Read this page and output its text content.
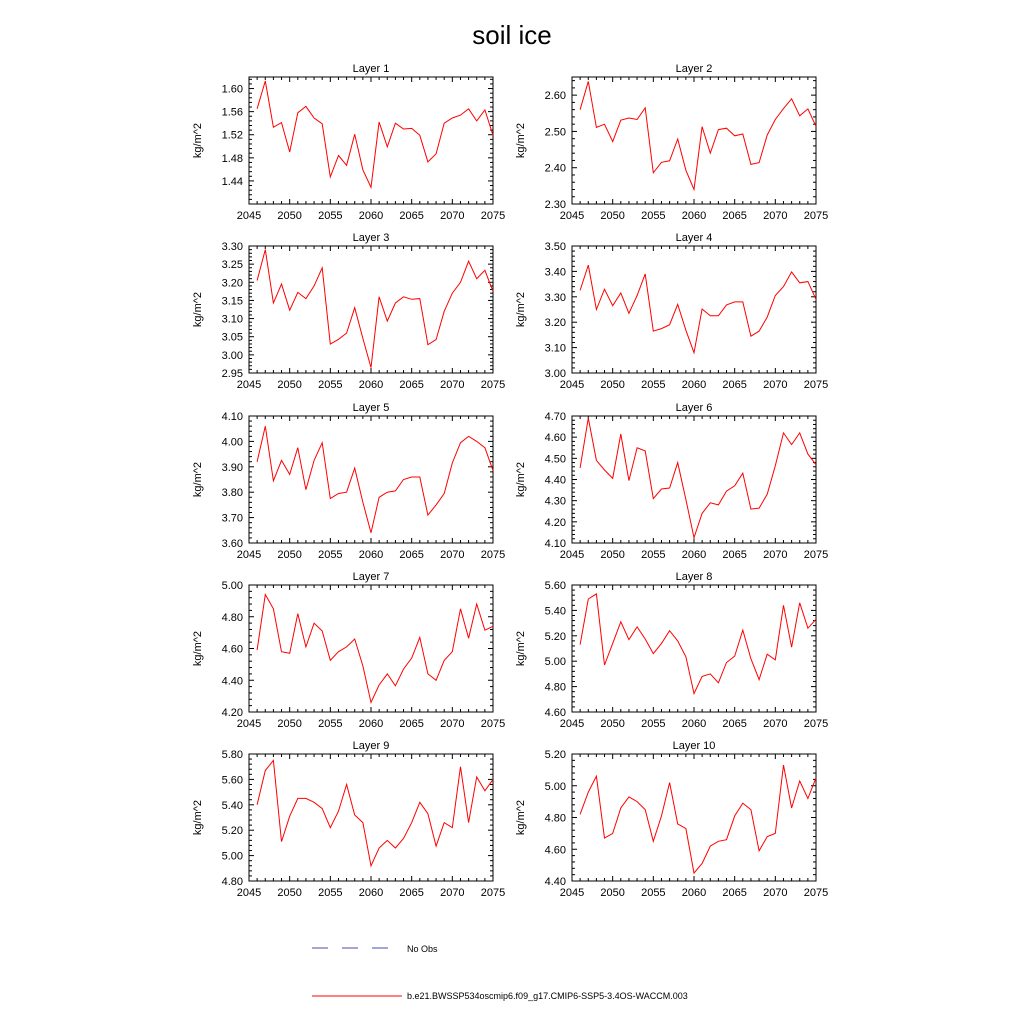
soil ice
Layer 1
kg/m^2
2045 2050 2055 2060 2065 2070 2075
1.44
1.48
1.52
1.56
1.60
Layer 2
kg/m^2
2045 2050 2055 2060 2065 2070 2075
2.30
2.40
2.50
2.60
Layer 3
kg/m^2
2045 2050 2055 2060 2065 2070 2075
2.95
3.00
3.05
3.10
3.15
3.20
3.25
3.30
Layer 4
kg/m^2
2045 2050 2055 2060 2065 2070 2075
3.00
3.10
3.20
3.30
3.40
3.50
Layer 5
kg/m^2
2045 2050 2055 2060 2065 2070 2075
3.60
3.70
3.80
3.90
4.00
4.10
Layer 6
kg/m^2
2045 2050 2055 2060 2065 2070 2075
4.10
4.20
4.30
4.40
4.50
4.60
4.70
Layer 7
kg/m^2
2045 2050 2055 2060 2065 2070 2075
4.20
4.40
4.60
4.80
5.00
Layer 8
kg/m^2
2045 2050 2055 2060 2065 2070 2075
4.60
4.80
5.00
5.20
5.40
5.60
Layer 9
kg/m^2
2045 2050 2055 2060 2065 2070 2075
4.80
5.00
5.20
5.40
5.60
5.80
Layer 10
kg/m^2
2045 2050 2055 2060 2065 2070 2075
4.40
4.60
4.80
5.00
5.20
No Obs
b.e21.BWSSP534oscmip6.f09_g17.CMIP6-SSP5-3.4OS-WACCM.003
